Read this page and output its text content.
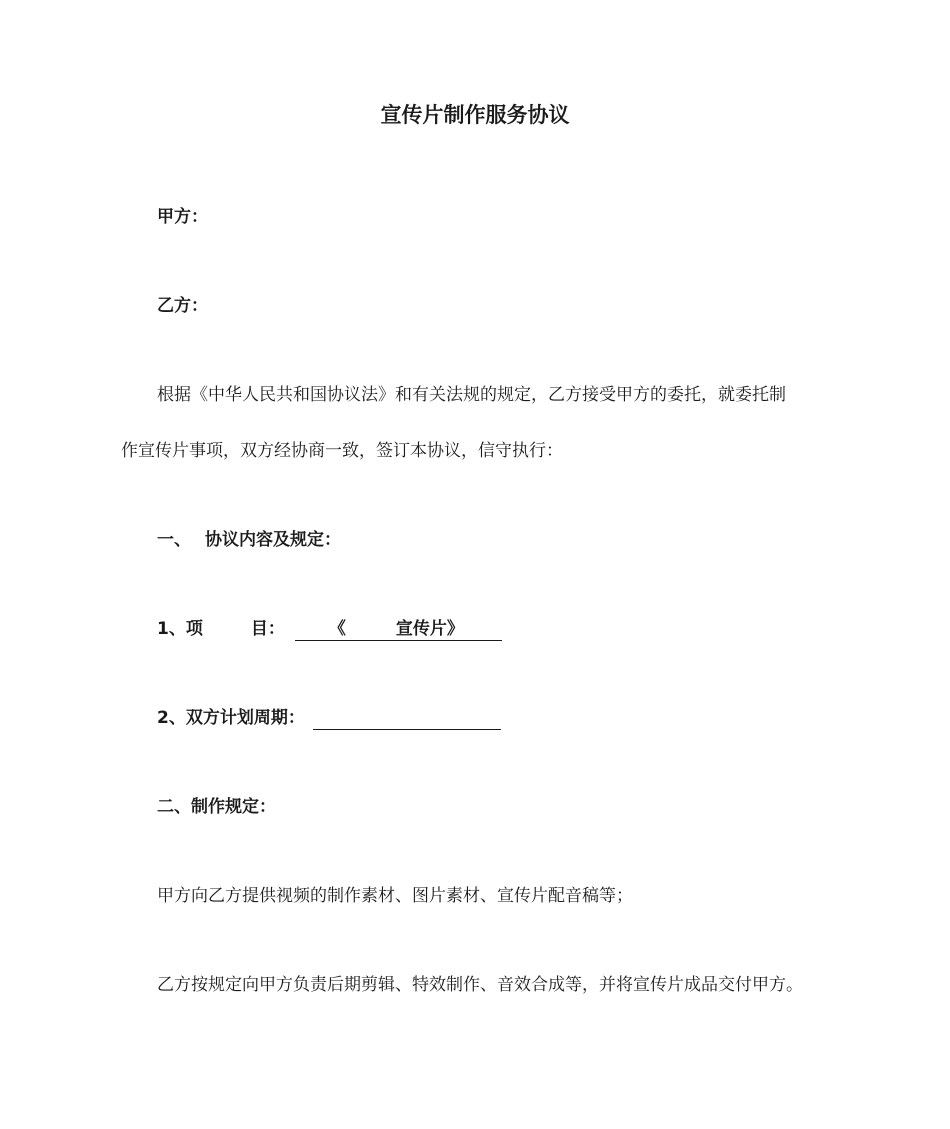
宣传片制作服务协议
甲方：
乙方：
根据《中华人民共和国协议法》和有关法规的规定，乙方接受甲方的委托，就委托制
作宣传片事项，双方经协商一致，签订本协议，信守执行：
一、 协议内容及规定：
1、项	目：	《	宣传片》
2、双方计划周期：
二、制作规定：
甲方向乙方提供视频的制作素材、图片素材、宣传片配音稿等；
乙方按规定向甲方负责后期剪辑、特效制作、音效合成等，并将宣传片成品交付甲方。
